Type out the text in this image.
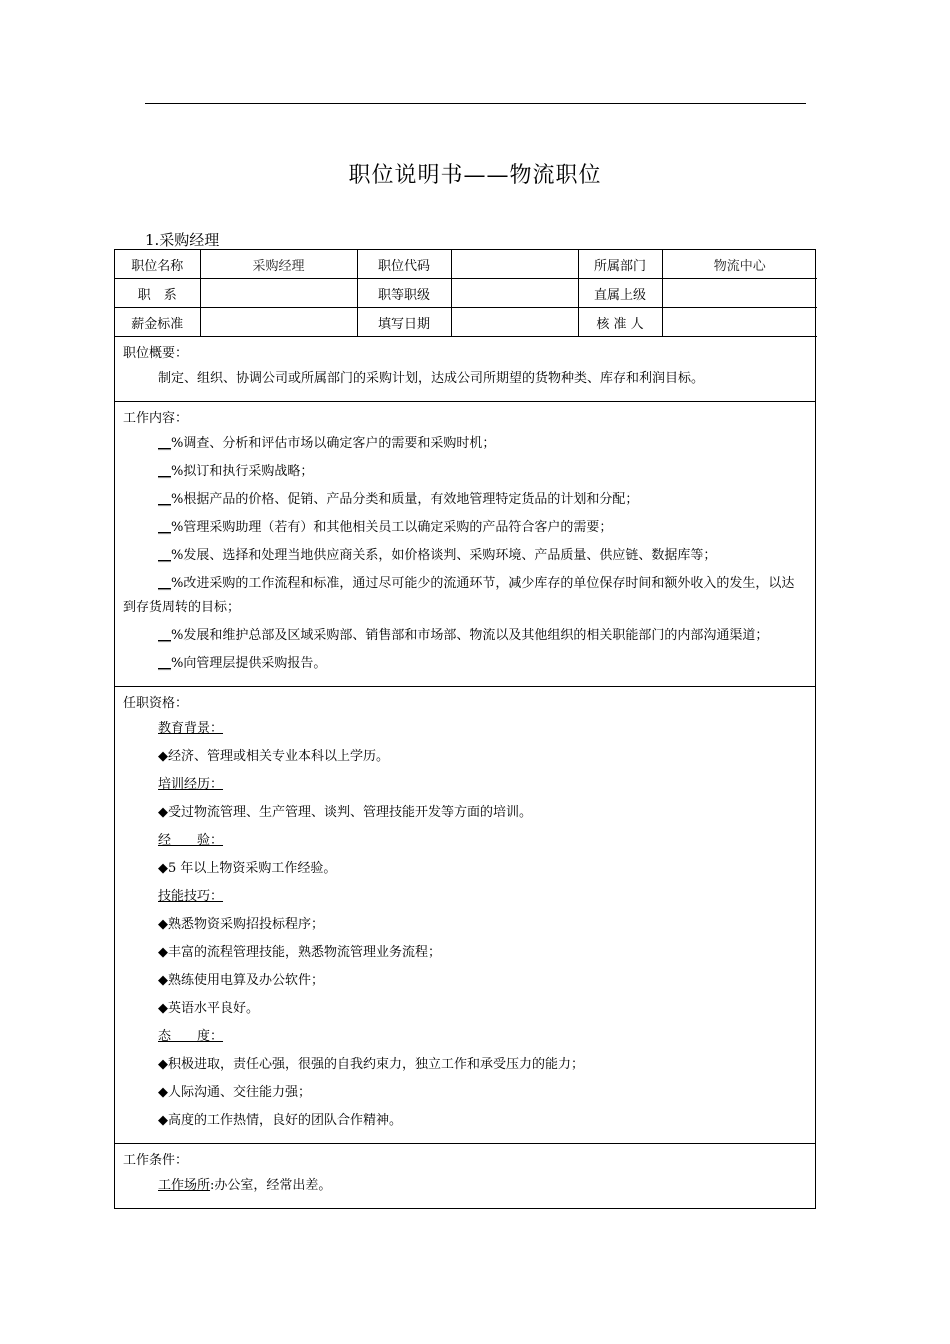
职位说明书——物流职位
1.采购经理
职位名称	采购经理	职位代码		所属部门	物流中心
职　系		职等职级		直属上级	
薪金标准		填写日期		核 准 人	
职位概要：
制定、组织、协调公司或所属部门的采购计划，达成公司所期望的货物种类、库存和利润目标。
工作内容：
__%调查、分析和评估市场以确定客户的需要和采购时机；
__%拟订和执行采购战略；
__%根据产品的价格、促销、产品分类和质量，有效地管理特定货品的计划和分配；
__%管理采购助理（若有）和其他相关员工以确定采购的产品符合客户的需要；
__%发展、选择和处理当地供应商关系，如价格谈判、采购环境、产品质量、供应链、数据库等；
__%改进采购的工作流程和标准，通过尽可能少的流通环节，减少库存的单位保存时间和额外收入的发生，以达到存货周转的目标；
__%发展和维护总部及区域采购部、销售部和市场部、物流以及其他组织的相关职能部门的内部沟通渠道；
__%向管理层提供采购报告。
任职资格：
教育背景：
◆经济、管理或相关专业本科以上学历。
培训经历：
◆受过物流管理、生产管理、谈判、管理技能开发等方面的培训。
经　　验：
◆5 年以上物资采购工作经验。
技能技巧：
◆熟悉物资采购招投标程序；
◆丰富的流程管理技能，熟悉物流管理业务流程；
◆熟练使用电算及办公软件；
◆英语水平良好。
态　　度：
◆积极进取，责任心强，很强的自我约束力，独立工作和承受压力的能力；
◆人际沟通、交往能力强；
◆高度的工作热情，良好的团队合作精神。
工作条件：
工作场所:办公室，经常出差。
